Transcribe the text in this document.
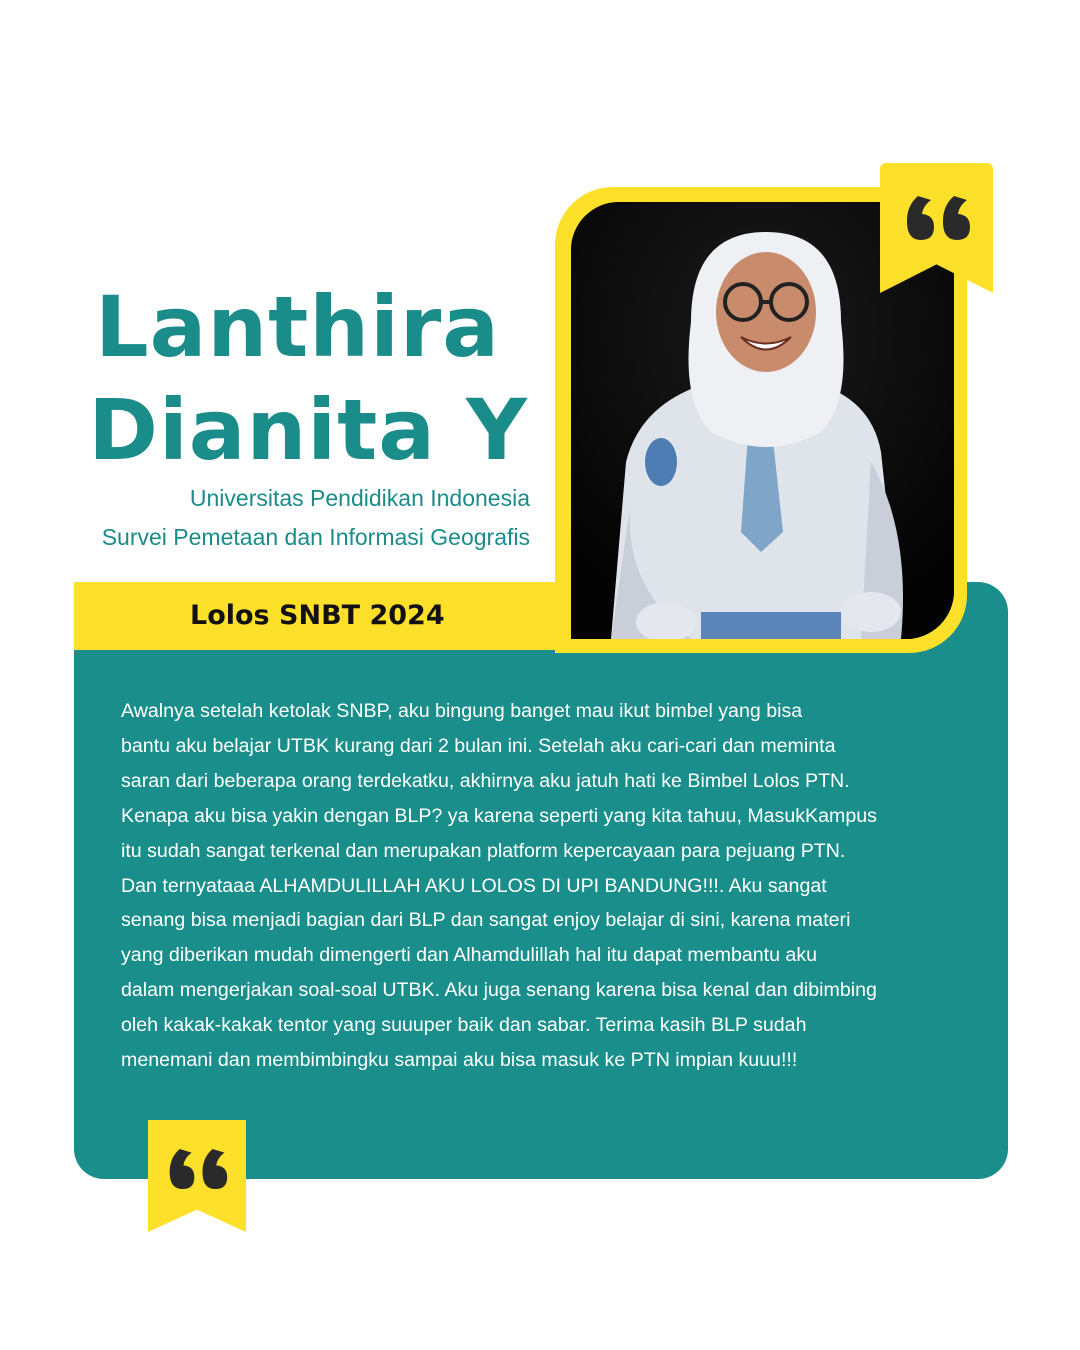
Lanthira
Dianita Y
Universitas Pendidikan Indonesia
Survei Pemetaan dan Informasi Geografis
Lolos SNBT 2024
Awalnya setelah ketolak SNBP, aku bingung banget mau ikut bimbel yang bisa
bantu aku belajar UTBK kurang dari 2 bulan ini. Setelah aku cari-cari dan meminta
saran dari beberapa orang terdekatku, akhirnya aku jatuh hati ke Bimbel Lolos PTN.
Kenapa aku bisa yakin dengan BLP? ya karena seperti yang kita tahuu, MasukKampus
itu sudah sangat terkenal dan merupakan platform kepercayaan para pejuang PTN.
Dan ternyataaa ALHAMDULILLAH AKU LOLOS DI UPI BANDUNG!!!. Aku sangat
senang bisa menjadi bagian dari BLP dan sangat enjoy belajar di sini, karena materi
yang diberikan mudah dimengerti dan Alhamdulillah hal itu dapat membantu aku
dalam mengerjakan soal-soal UTBK. Aku juga senang karena bisa kenal dan dibimbing
oleh kakak-kakak tentor yang suuuper baik dan sabar. Terima kasih BLP sudah
menemani dan membimbingku sampai aku bisa masuk ke PTN impian kuuu!!!
